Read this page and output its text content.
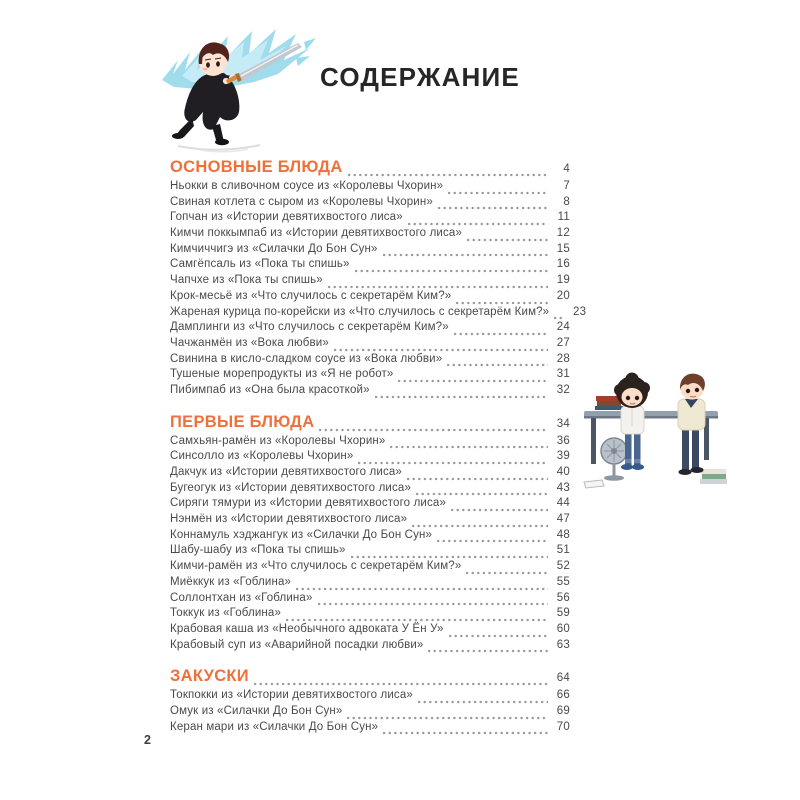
СОДЕРЖАНИЕ
ОСНОВНЫЕ БЛЮДА	4
Ньокки в сливочном соусе из «Королевы Чхорин»	7
Свиная котлета с сыром из «Королевы Чхорин»	8
Гопчан из «Истории девятихвостого лиса»	11
Кимчи поккымпаб из «Истории девятихвостого лиса»	12
Кимчиччигэ из «Силачки До Бон Сун»	15
Самгёпсаль из «Пока ты спишь»	16
Чапчхе из «Пока ты спишь»	19
Крок-месьё из «Что случилось с секретарём Ким?»	20
Жареная курица по-корейски из «Что случилось с секретарём Ким?»	23
Дамплинги из «Что случилось с секретарём Ким?»	24
Чачжанмён из «Вока любви»	27
Свинина в кисло-сладком соусе из «Вока любви»	28
Тушеные морепродукты из «Я не робот»	31
Пибимпаб из «Она была красоткой»	32
ПЕРВЫЕ БЛЮДА	34
Самхьян-рамён из «Королевы Чхорин»	36
Синсолло из «Королевы Чхорин»	39
Дакчук из «Истории девятихвостого лиса»	40
Бугеогук из «Истории девятихвостого лиса»	43
Сиряги тямури из «Истории девятихвостого лиса»	44
Нэнмён из «Истории девятихвостого лиса»	47
Коннамуль хэджангук из «Силачки До Бон Сун»	48
Шабу-шабу из «Пока ты спишь»	51
Кимчи-рамён из «Что случилось с секретарём Ким?»	52
Миёккук из «Гоблина»	55
Соллонтхан из «Гоблина»	56
Токкук из «Гоблина»	59
Крабовая каша из «Необычного адвоката У Ён У»	60
Крабовый суп из «Аварийной посадки любви»	63
ЗАКУСКИ	64
Токпокки из «Истории девятихвостого лиса»	66
Омук из «Силачки До Бон Сун»	69
Керан мари из «Силачки До Бон Сун»	70
2
